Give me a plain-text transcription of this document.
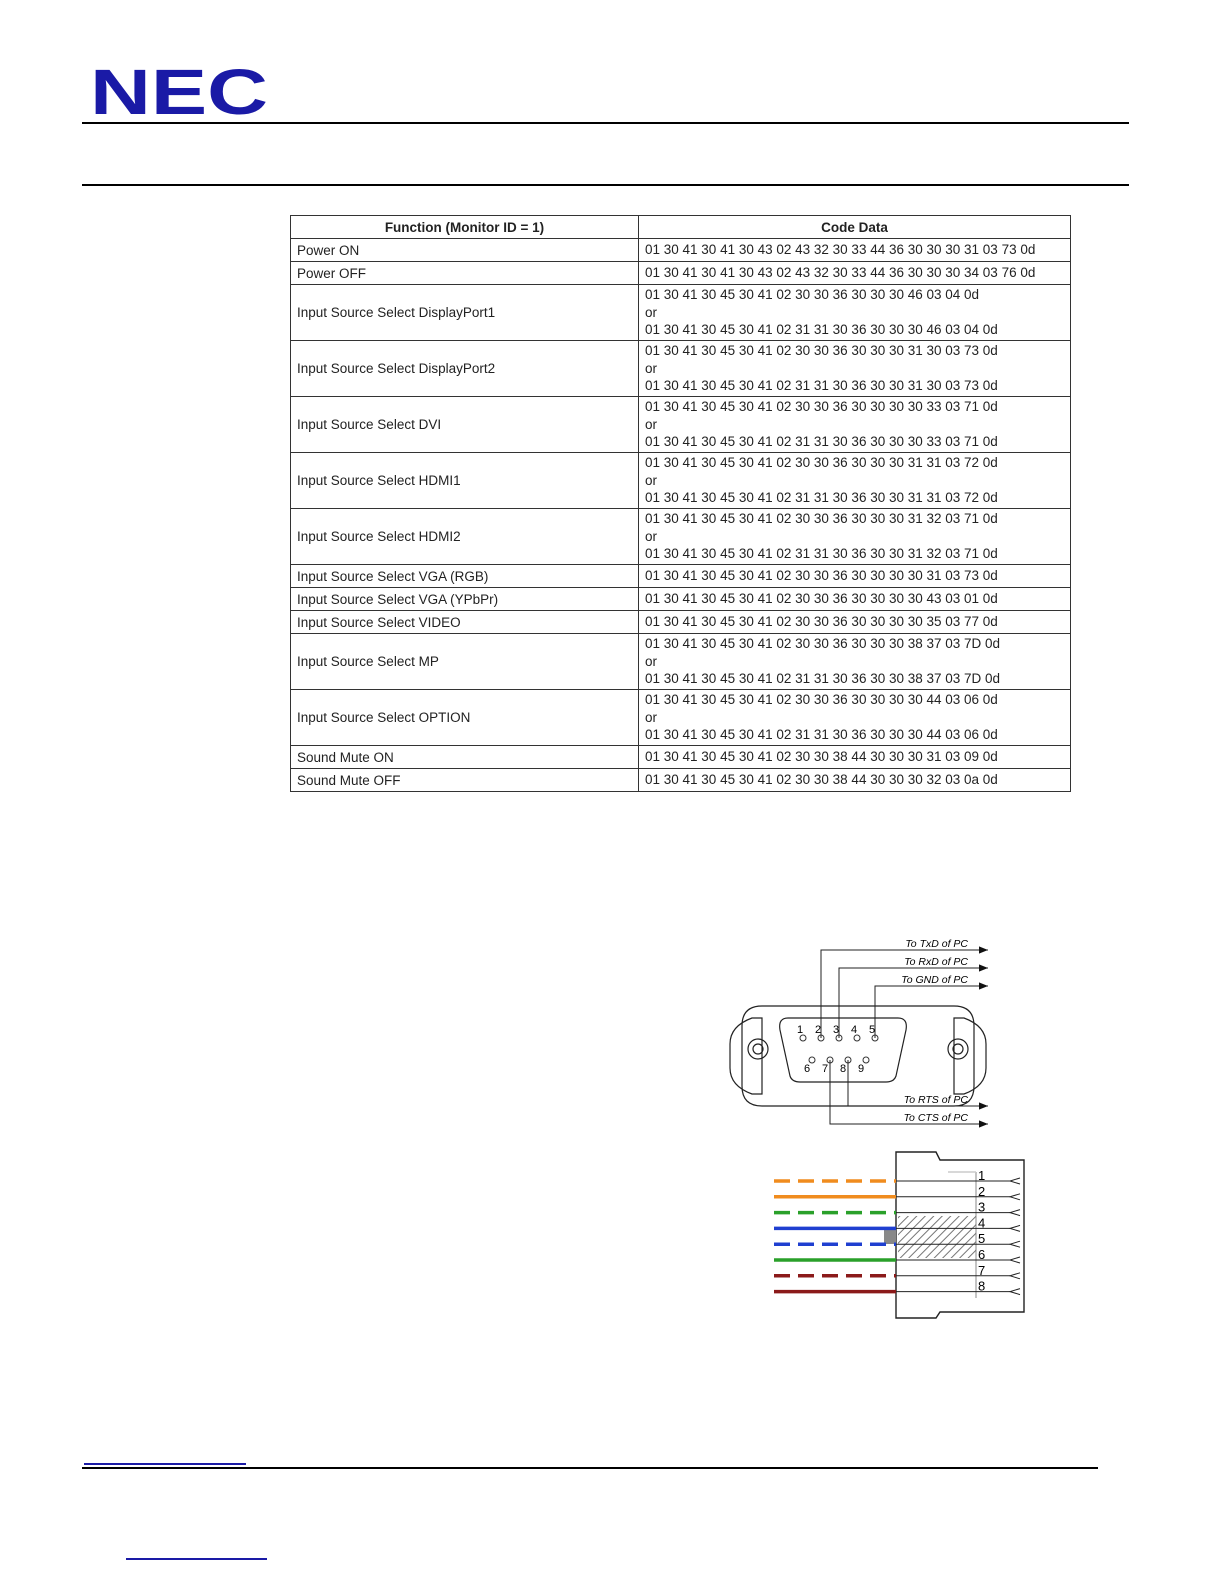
NEC
Function (Monitor ID = 1)	Code Data
Power ON	01 30 41 30 41 30 43 02 43 32 30 33 44 36 30 30 30 31 03 73 0d

Power OFF	01 30 41 30 41 30 43 02 43 32 30 33 44 36 30 30 30 34 03 76 0d

Input Source Select DisplayPort1	01 30 41 30 45 30 41 02 30 30 36 30 30 30 46 03 04 0d
or
01 30 41 30 45 30 41 02 31 31 30 36 30 30 30 46 03 04 0d

Input Source Select DisplayPort2	01 30 41 30 45 30 41 02 30 30 36 30 30 30 31 30 03 73 0d
or
01 30 41 30 45 30 41 02 31 31 30 36 30 30 31 30 03 73 0d

Input Source Select DVI	01 30 41 30 45 30 41 02 30 30 36 30 30 30 30 33 03 71 0d
or
01 30 41 30 45 30 41 02 31 31 30 36 30 30 30 33 03 71 0d

Input Source Select HDMI1	01 30 41 30 45 30 41 02 30 30 36 30 30 30 31 31 03 72 0d
or
01 30 41 30 45 30 41 02 31 31 30 36 30 30 31 31 03 72 0d

Input Source Select HDMI2	01 30 41 30 45 30 41 02 30 30 36 30 30 30 31 32 03 71 0d
or
01 30 41 30 45 30 41 02 31 31 30 36 30 30 31 32 03 71 0d

Input Source Select VGA (RGB)	01 30 41 30 45 30 41 02 30 30 36 30 30 30 30 31 03 73 0d

Input Source Select VGA (YPbPr)	01 30 41 30 45 30 41 02 30 30 36 30 30 30 30 43 03 01 0d

Input Source Select VIDEO	01 30 41 30 45 30 41 02 30 30 36 30 30 30 30 35 03 77 0d

Input Source Select MP	01 30 41 30 45 30 41 02 30 30 36 30 30 30 38 37 03 7D 0d
or
01 30 41 30 45 30 41 02 31 31 30 36 30 30 38 37 03 7D 0d

Input Source Select OPTION	01 30 41 30 45 30 41 02 30 30 36 30 30 30 30 44 03 06 0d
or
01 30 41 30 45 30 41 02 31 31 30 36 30 30 30 44 03 06 0d

Sound Mute ON	01 30 41 30 45 30 41 02 30 30 38 44 30 30 30 31 03 09 0d

Sound Mute OFF	01 30 41 30 45 30 41 02 30 30 38 44 30 30 30 32 03 0a 0d
1 2 3 4 5
6 7 8 9
To TxD of PC
To RxD of PC
To GND of PC
To RTS of PC
To CTS of PC
1
2
3
4
5
6
7
8
